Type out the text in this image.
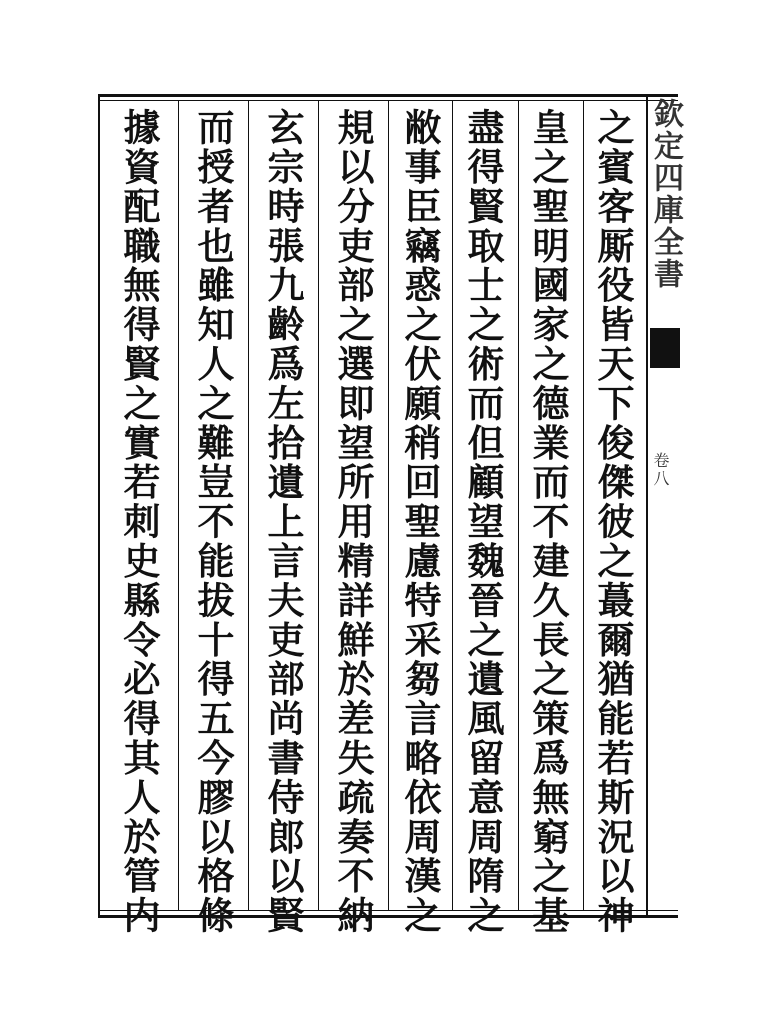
欽定四庫全書
卷八
之賓客厮役皆天下俊傑彼之蕞爾猶能若斯況以神
皇之聖明國家之德業而不建久長之策爲無窮之基
盡得賢取士之術而但顧望魏晉之遺風留意周隋之
敝事臣竊惑之伏願稍回聖慮特采芻言略依周漢之
規以分吏部之選即望所用精詳鮮於差失疏奏不納
玄宗時張九齡爲左拾遺上言夫吏部尚書侍郎以賢
而授者也雖知人之難豈不能拔十得五今膠以格條
據資配職無得賢之實若刺史縣令必得其人於管内
